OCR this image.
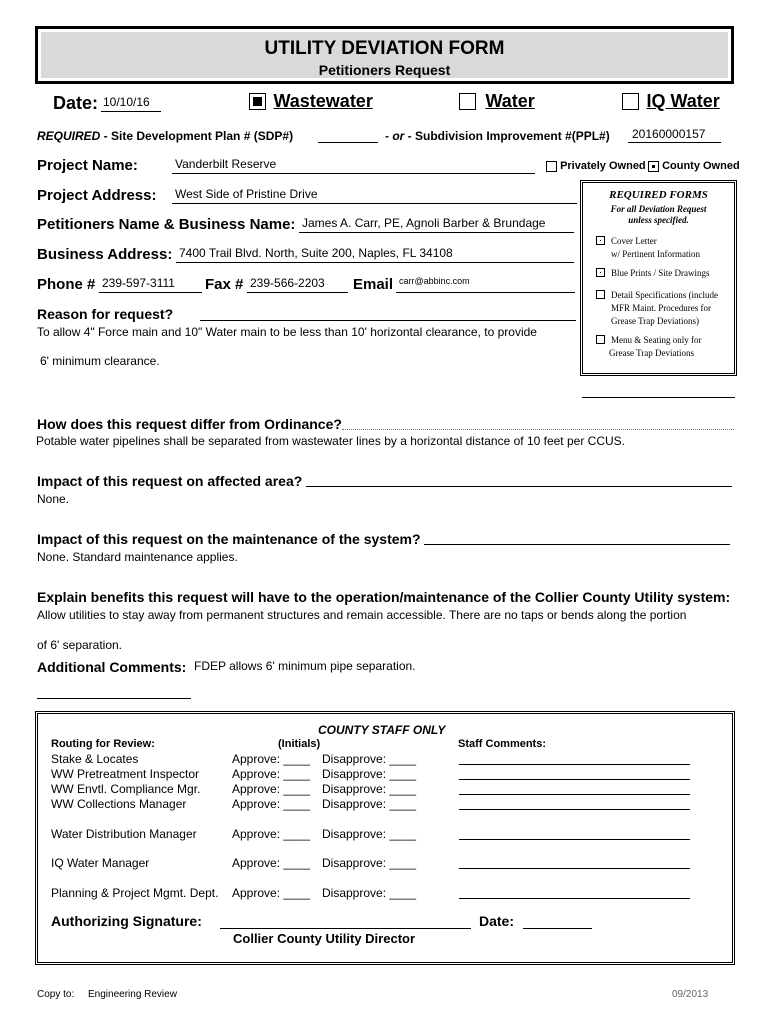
UTILITY DEVIATION FORM
Petitioners Request
Date: 10/10/16	Wastewater	Water	IQ Water
REQUIRED - Site Development Plan # (SDP#)	- or - Subdivision Improvement #(PPL#)	20160000157
Project Name:	Vanderbilt Reserve	Privately Owned	County Owned
Project Address: West Side of Pristine Drive
Petitioners Name & Business Name: James A. Carr, PE, Agnoli Barber & Brundage
Business Address: 7400 Trail Blvd. North, Suite 200, Naples, FL 34108
Phone # 239-597-3111	Fax # 239-566-2203	Email carr@abbinc.com
REQUIRED FORMS
For all Deviation Request
unless specified.
Cover Letter
w/ Pertinent Information
Blue Prints / Site Drawings
Detail Specifications (include
MFR Maint. Procedures for
Grease Trap Deviations)
Menu & Seating only for
Grease Trap Deviations
Reason for request?
To allow 4" Force main and 10" Water main to be less than 10' horizontal clearance, to provide
6' minimum clearance.
How does this request differ from Ordinance?
Potable water pipelines shall be separated from wastewater lines by a horizontal distance of 10 feet per CCUS.
Impact of this request on affected area?
None.
Impact of this request on the maintenance of the system?
None. Standard maintenance applies.
Explain benefits this request will have to the operation/maintenance of the Collier County Utility system:
Allow utilities to stay away from permanent structures and remain accessible. There are no taps or bends along the portion
of 6' separation.
Additional Comments: FDEP allows 6' minimum pipe separation.
COUNTY STAFF ONLY
Routing for Review:	(Initials)	Staff Comments:
Stake & Locates	Approve: ____ Disapprove: ____
WW Pretreatment Inspector	Approve: ____ Disapprove: ____
WW Envtl. Compliance Mgr.	Approve: ____ Disapprove: ____
WW Collections Manager	Approve: ____ Disapprove: ____
Water Distribution Manager	Approve: ____ Disapprove: ____
IQ Water Manager	Approve: ____ Disapprove: ____
Planning & Project Mgmt. Dept. Approve: ____ Disapprove: ____
Authorizing Signature:	Date:
Collier County Utility Director
Copy to: Engineering Review	09/2013
